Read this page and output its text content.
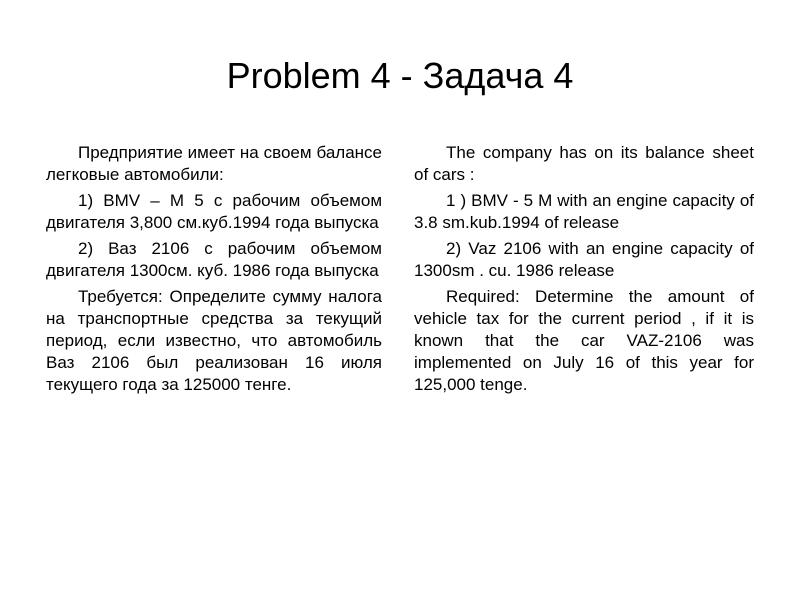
Problem 4 - Задача 4

Предприятие имеет на своем балансе легковые автомобили:

1) BMV – M 5 с рабочим объемом двигателя 3,800 см.куб.1994 года выпуска

2) Ваз 2106 с рабочим объемом двигателя 1300см. куб. 1986 года выпуска

Требуется: Определите сумму налога на транспортные средства за текущий период, если известно, что автомобиль Ваз 2106 был реализован 16 июля текущего года за 125000 тенге.

The company has on its balance sheet of cars :

1 ) BMV - 5 M with an engine capacity of 3.8 sm.kub.1994 of release

2) Vaz 2106 with an engine capacity of 1300sm . cu. 1986 release

Required: Determine the amount of vehicle tax for the current period , if it is known that the car VAZ-2106 was implemented on July 16 of this year for 125,000 tenge.
